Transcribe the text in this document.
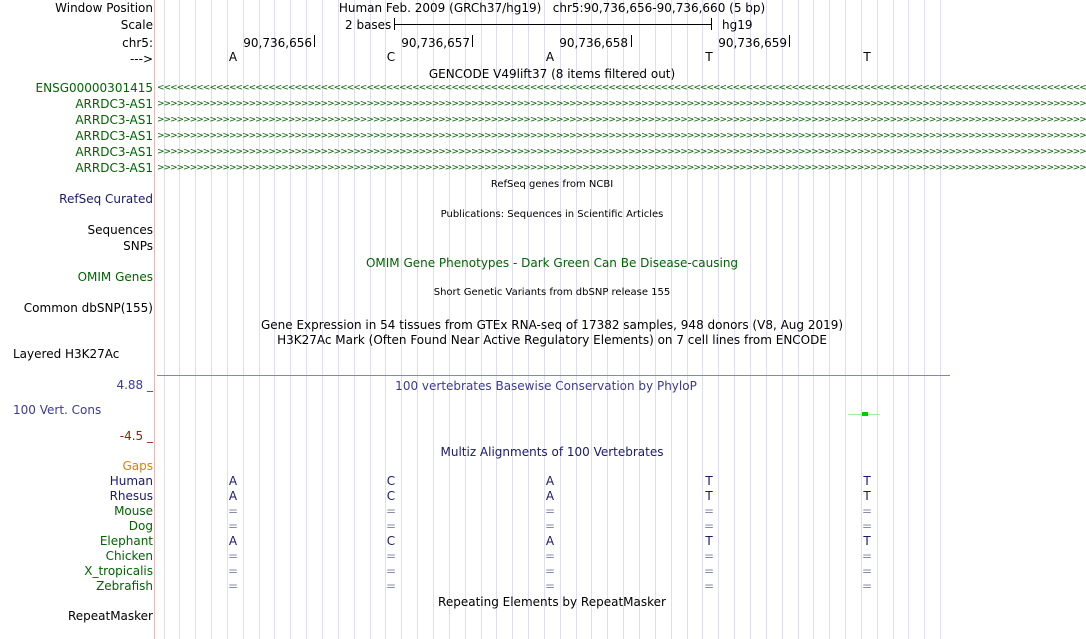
Window Position	Human Feb. 2009 (GRCh37/hg19)   chr5:90,736,656-90,736,660 (5 bp)
Scale	2 bases	hg19
chr5:	90,736,656	90,736,657	90,736,658	90,736,659
--->	A	C	A	T	T
GENCODE V49lift37 (8 items filtered out)
ENSG00000301415 <<<<<<<<<<<<<<<<<<<<<<<<<<<<<<<<<<<<<<<<<<<<<<<<<<<<<<<<<<<<<<<<<<<<<<<<<<<<<<<<<<<<<<<<<<<<<<<<<<<<<<<<<<<<<<<<<<<<<<<<<<<<<<<<<<<<<<<<<<<<<<
ARRDC3-AS1 >>>>>>>>>>>>>>>>>>>>>>>>>>>>>>>>>>>>>>>>>>>>>>>>>>>>>>>>>>>>>>>>>>>>>>>>>>>>>>>>>>>>>>>>>>>>>>>>>>>>>>>>>>>>>>>>>>>>>>>>>>>>>>>>>>>>>>>>>>>>>>
ARRDC3-AS1 >>>>>>>>>>>>>>>>>>>>>>>>>>>>>>>>>>>>>>>>>>>>>>>>>>>>>>>>>>>>>>>>>>>>>>>>>>>>>>>>>>>>>>>>>>>>>>>>>>>>>>>>>>>>>>>>>>>>>>>>>>>>>>>>>>>>>>>>>>>>>>
ARRDC3-AS1 >>>>>>>>>>>>>>>>>>>>>>>>>>>>>>>>>>>>>>>>>>>>>>>>>>>>>>>>>>>>>>>>>>>>>>>>>>>>>>>>>>>>>>>>>>>>>>>>>>>>>>>>>>>>>>>>>>>>>>>>>>>>>>>>>>>>>>>>>>>>>>
ARRDC3-AS1 >>>>>>>>>>>>>>>>>>>>>>>>>>>>>>>>>>>>>>>>>>>>>>>>>>>>>>>>>>>>>>>>>>>>>>>>>>>>>>>>>>>>>>>>>>>>>>>>>>>>>>>>>>>>>>>>>>>>>>>>>>>>>>>>>>>>>>>>>>>>>>
ARRDC3-AS1 >>>>>>>>>>>>>>>>>>>>>>>>>>>>>>>>>>>>>>>>>>>>>>>>>>>>>>>>>>>>>>>>>>>>>>>>>>>>>>>>>>>>>>>>>>>>>>>>>>>>>>>>>>>>>>>>>>>>>>>>>>>>>>>>>>>>>>>>>>>>>>
RefSeq genes from NCBI
RefSeq Curated
Publications: Sequences in Scientific Articles
Sequences
SNPs
OMIM Gene Phenotypes - Dark Green Can Be Disease-causing
OMIM Genes
Short Genetic Variants from dbSNP release 155
Common dbSNP(155)
Gene Expression in 54 tissues from GTEx RNA-seq of 17382 samples, 948 donors (V8, Aug 2019)
H3K27Ac Mark (Often Found Near Active Regulatory Elements) on 7 cell lines from ENCODE
Layered H3K27Ac
4.88 _	100 vertebrates Basewise Conservation by PhyloP
100 Vert. Cons
-4.5 _
Multiz Alignments of 100 Vertebrates
Gaps
Human	A	C	A	T	T
Rhesus	A	C	A	T	T
Mouse	=	=	=	=	=
Dog	=	=	=	=	=
Elephant	A	C	A	T	T
Chicken	=	=	=	=	=
X_tropicalis	=	=	=	=	=
Zebrafish	=	=	=	=	=
Repeating Elements by RepeatMasker
RepeatMasker
